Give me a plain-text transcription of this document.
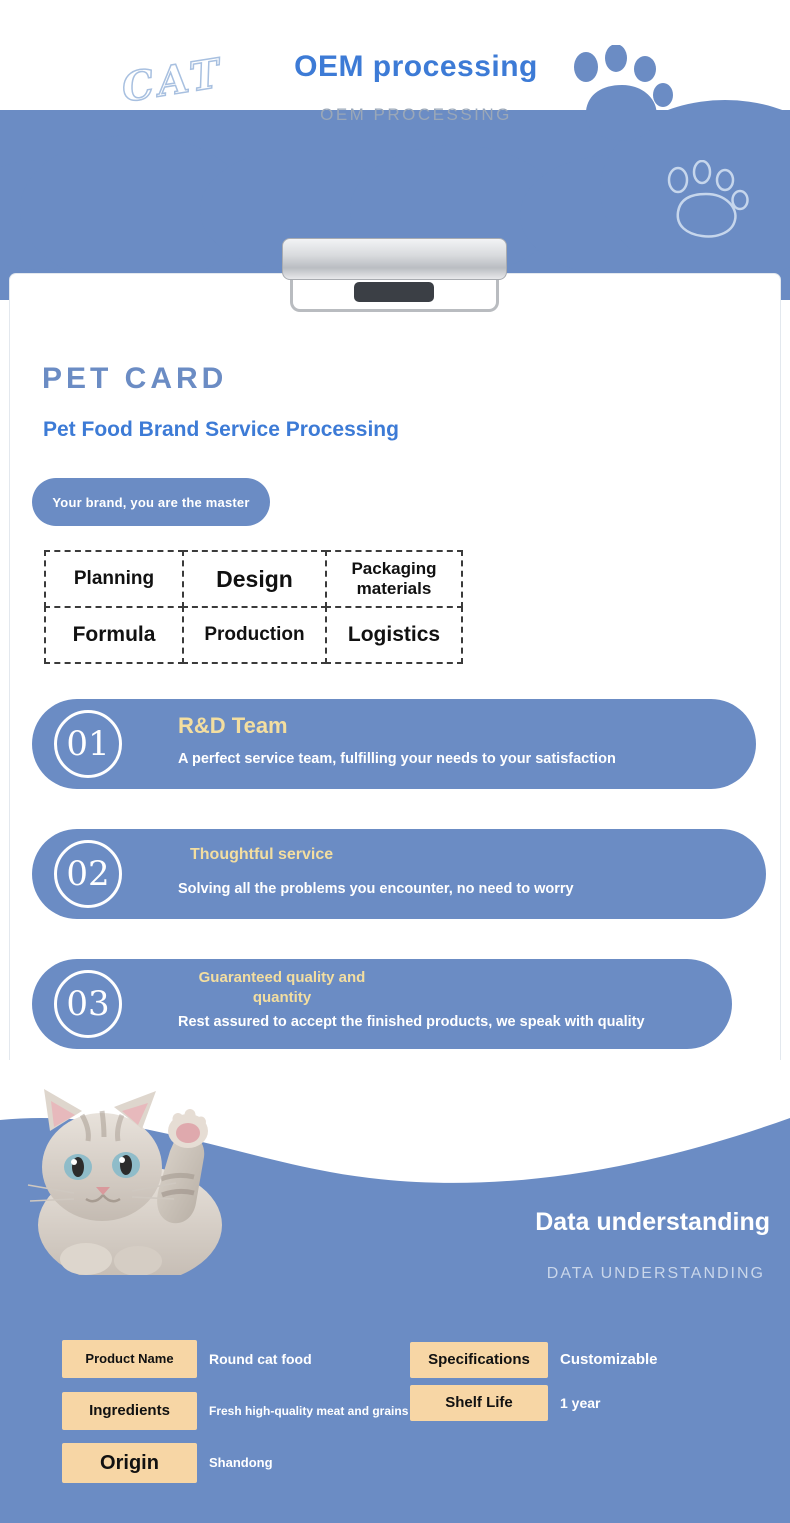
CAT	OEM processing
OEM PROCESSING
PET CARD
Pet Food Brand Service Processing
Your brand, you are the master
Planning	Design	Packaging materials
Formula	Production	Logistics
01	R&D Team
A perfect service team, fulfilling your needs to your satisfaction
02	Thoughtful service
Solving all the problems you encounter, no need to worry
03
Guaranteed quality and quantity
Rest assured to accept the finished products, we speak with quality
Data understanding
DATA UNDERSTANDING
Product Name	Round cat food
Ingredients	Fresh high-quality meat and grains
Origin	Shandong
Specifications	Customizable
Shelf Life	1 year
